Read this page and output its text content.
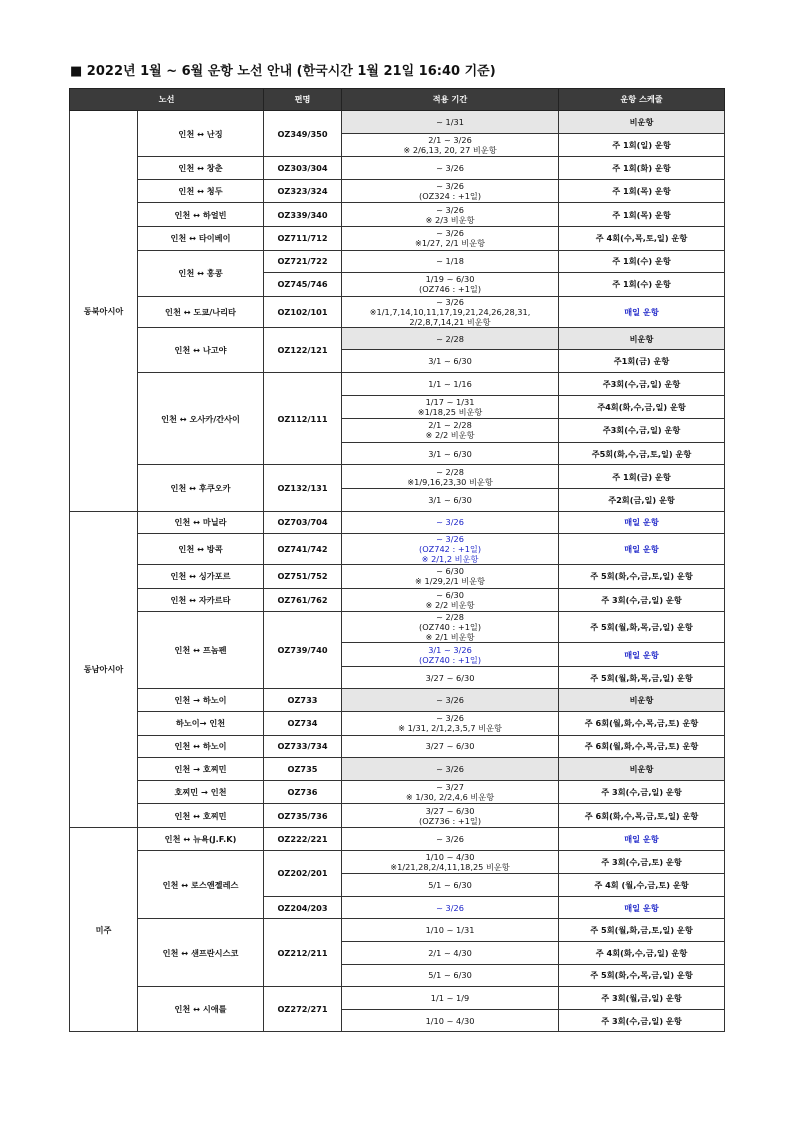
■ 2022년 1월 ~ 6월 운항 노선 안내 (한국시간 1월 21일 16:40 기준)
노선		편명	적용 기간	운항 스케줄
동북아시아	인천 ↔ 난징	OZ349/350	~ 1/31	비운항

			2/1 ~ 3/26
※ 2/6,13, 20, 27 비운항	주 1회(일) 운항
	인천 ↔ 창춘	OZ303/304	~ 3/26	주 1회(화) 운항
	인천 ↔ 청두	OZ323/324	~ 3/26
(OZ324 : +1일)	주 1회(목) 운항
	인천 ↔ 하얼빈	OZ339/340	~ 3/26
※ 2/3 비운항	주 1회(목) 운항
	인천 ↔ 타이베이	OZ711/712	~ 3/26
※1/27, 2/1 비운항	주 4회(수,목,토,일) 운항
	인천 ↔ 홍콩	OZ721/722	~ 1/18	주 1회(수) 운항
		OZ745/746	1/19 ~ 6/30
(OZ746 : +1일)	주 1회(수) 운항
	인천 ↔ 도쿄/나리타	OZ102/101	~ 3/26
※1/1,7,14,10,11,17,19,21,24,26,28,31,
2/2,8,7,14,21 비운항	매일 운항
	인천 ↔ 나고야	OZ122/121	~ 2/28	비운항

			3/1 ~ 6/30	주1회(금) 운항
	인천 ↔ 오사카/간사이	OZ112/111	1/1 ~ 1/16	주3회(수,금,일) 운항

			1/17 ~ 1/31
※1/18,25 비운항	주4회(화,수,금,일) 운항

			2/1 ~ 2/28
※ 2/2 비운항	주3회(수,금,일) 운항

			3/1 ~ 6/30	주5회(화,수,금,토,일) 운항
	인천 ↔ 후쿠오카	OZ132/131	~ 2/28
※1/9,16,23,30 비운항	주 1회(금) 운항

			3/1 ~ 6/30	주2회(금,일) 운항
동남아시아	인천 ↔ 마닐라	OZ703/704	~ 3/26	매일 운항
	인천 ↔ 방콕	OZ741/742	~ 3/26
(OZ742 : +1일)
※ 2/1,2 비운항	매일 운항
	인천 ↔ 싱가포르	OZ751/752	~ 6/30
※ 1/29,2/1 비운항	주 5회(화,수,금,토,일) 운항
	인천 ↔ 자카르타	OZ761/762	~ 6/30
※ 2/2 비운항	주 3회(수,금,일) 운항
	인천 ↔ 프놈펜	OZ739/740	~ 2/28
(OZ740 : +1일)
※ 2/1 비운항	주 5회(월,화,목,금,일) 운항

			3/1 ~ 3/26
(OZ740 : +1일)	매일 운항

			3/27 ~ 6/30	주 5회(월,화,목,금,일) 운항
	인천 → 하노이	OZ733	~ 3/26	비운항
	하노이→ 인천	OZ734	~ 3/26
※ 1/31, 2/1,2,3,5,7 비운항	주 6회(월,화,수,목,금,토) 운항
	인천 ↔ 하노이	OZ733/734	3/27 ~ 6/30	주 6회(월,화,수,목,금,토) 운항
	인천 → 호찌민	OZ735	~ 3/26	비운항
	호찌민 → 인천	OZ736	~ 3/27
※ 1/30, 2/2,4,6 비운항	주 3회(수,금,일) 운항
	인천 ↔ 호찌민	OZ735/736	3/27 ~ 6/30
(OZ736 : +1일)	주 6회(화,수,목,금,토,일) 운항
미주	인천 ↔ 뉴욕(J.F.K)	OZ222/221	~ 3/26	매일 운항
	인천 ↔ 로스앤젤레스	OZ202/201	1/10 ~ 4/30
※1/21,28,2/4,11,18,25 비운항	주 3회(수,금,토) 운항

			5/1 ~ 6/30	주 4회 (월,수,금,토) 운항
		OZ204/203	~ 3/26	매일 운항
	인천 ↔ 샌프란시스코	OZ212/211	1/10 ~ 1/31	주 5회(월,화,금,토,일) 운항

			2/1 ~ 4/30	주 4회(화,수,금,일) 운항

			5/1 ~ 6/30	주 5회(화,수,목,금,일) 운항
	인천 ↔ 시애틀	OZ272/271	1/1 ~ 1/9	주 3회(월,금,일) 운항

			1/10 ~ 4/30	주 3회(수,금,일) 운항
